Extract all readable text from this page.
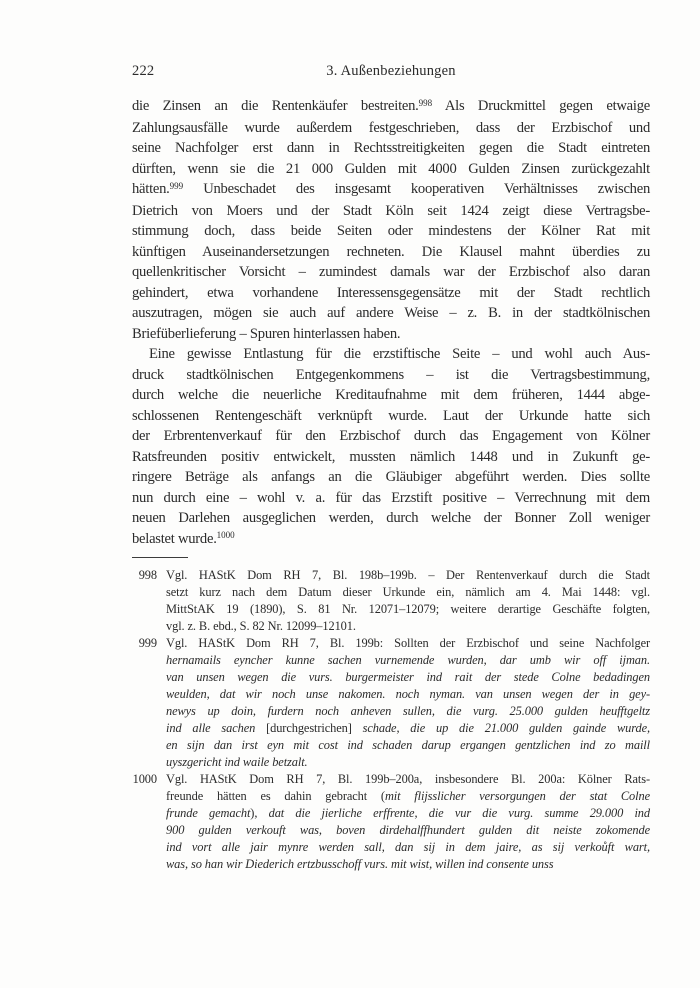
222	3. Außenbeziehungen
die Zinsen an die Rentenkäufer bestreiten.$^{998}$ Als Druckmittel gegen etwaige
Zahlungsausfälle wurde außerdem festgeschrieben, dass der Erzbischof und
seine Nachfolger erst dann in Rechtsstreitigkeiten gegen die Stadt eintreten
dürften, wenn sie die 21 000 Gulden mit 4000 Gulden Zinsen zurückgezahlt
hätten.$^{999}$ Unbeschadet des insgesamt kooperativen Verhältnisses zwischen
Dietrich von Moers und der Stadt Köln seit 1424 zeigt diese Vertragsbe-
stimmung doch, dass beide Seiten oder mindestens der Kölner Rat mit
künftigen Auseinandersetzungen rechneten. Die Klausel mahnt überdies zu
quellenkritischer Vorsicht – zumindest damals war der Erzbischof also daran
gehindert, etwa vorhandene Interessensgegensätze mit der Stadt rechtlich
auszutragen, mögen sie auch auf andere Weise – z. B. in der stadtkölnischen
Briefüberlieferung – Spuren hinterlassen haben.
Eine gewisse Entlastung für die erzstiftische Seite – und wohl auch Aus-
druck stadtkölnischen Entgegenkommens – ist die Vertragsbestimmung,
durch welche die neuerliche Kreditaufnahme mit dem früheren, 1444 abge-
schlossenen Rentengeschäft verknüpft wurde. Laut der Urkunde hatte sich
der Erbrentenverkauf für den Erzbischof durch das Engagement von Kölner
Ratsfreunden positiv entwickelt, mussten nämlich 1448 und in Zukunft ge-
ringere Beträge als anfangs an die Gläubiger abgeführt werden. Dies sollte
nun durch eine – wohl v. a. für das Erzstift positive – Verrechnung mit dem
neuen Darlehen ausgeglichen werden, durch welche der Bonner Zoll weniger
belastet wurde.$^{1000}$
998 Vgl. HAStK Dom RH 7, Bl. 198b–199b. – Der Rentenverkauf durch die Stadt
setzt kurz nach dem Datum dieser Urkunde ein, nämlich am 4. Mai 1448: vgl.
MittStAK 19 (1890), S. 81 Nr. 12071–12079; weitere derartige Geschäfte folgten,
vgl. z. B. ebd., S. 82 Nr. 12099–12101.
999 Vgl. HAStK Dom RH 7, Bl. 199b: Sollten der Erzbischof und seine Nachfolger
hernamails eyncher kunne sachen vurnemende wurden, dar umb wir off ijman.
van unsen wegen die vurs. burgermeister ind rait der stede Colne bedadingen
weulden, dat wir noch unse nakomen. noch nyman. van unsen wegen der in gey-
newys up doin, furdern noch anheven sullen, die vurg. 25.000 gulden heufftgeltz
ind alle sachen [durchgestrichen] schade, die up die 21.000 gulden gainde wurde,
en sijn dan irst eyn mit cost ind schaden darup ergangen gentzlichen ind zo maill
uyszgericht ind waile betzalt.
1000 Vgl. HAStK Dom RH 7, Bl. 199b–200a, insbesondere Bl. 200a: Kölner Rats-
freunde hätten es dahin gebracht (mit flijsslicher versorgungen der stat Colne
frunde gemacht), dat die jierliche erffrente, die vur die vurg. summe 29.000 ind
900 gulden verkouft was, boven dirdehalffhundert gulden dit neiste zokomende
ind vort alle jair mynre werden sall, dan sij in dem jaire, as sij verkoůft wart,
was, so han wir Diederich ertzbusschoff vurs. mit wist, willen ind consente unss
